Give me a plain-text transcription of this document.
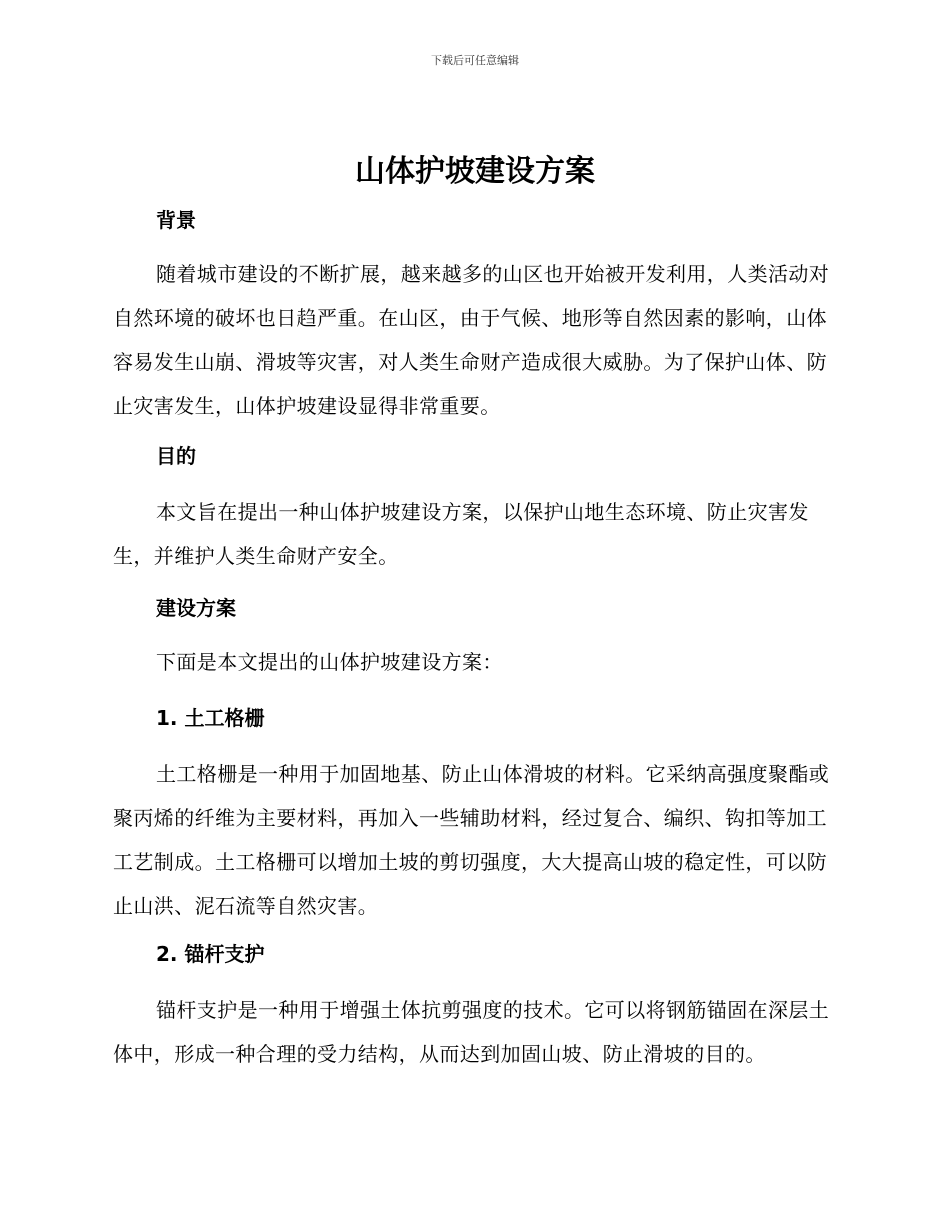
下载后可任意编辑
山体护坡建设方案
背景

随着城市建设的不断扩展，越来越多的山区也开始被开发利用，人类活动对自然环境的破坏也日趋严重。在山区，由于气候、地形等自然因素的影响，山体容易发生山崩、滑坡等灾害，对人类生命财产造成很大威胁。为了保护山体、防止灾害发生，山体护坡建设显得非常重要。

目的

本文旨在提出一种山体护坡建设方案，以保护山地生态环境、防止灾害发生，并维护人类生命财产安全。

建设方案

下面是本文提出的山体护坡建设方案：

1. 土工格栅

土工格栅是一种用于加固地基、防止山体滑坡的材料。它采纳高强度聚酯或聚丙烯的纤维为主要材料，再加入一些辅助材料，经过复合、编织、钩扣等加工工艺制成。土工格栅可以增加土坡的剪切强度，大大提高山坡的稳定性，可以防止山洪、泥石流等自然灾害。

2. 锚杆支护

锚杆支护是一种用于增强土体抗剪强度的技术。它可以将钢筋锚固在深层土体中，形成一种合理的受力结构，从而达到加固山坡、防止滑坡的目的。
